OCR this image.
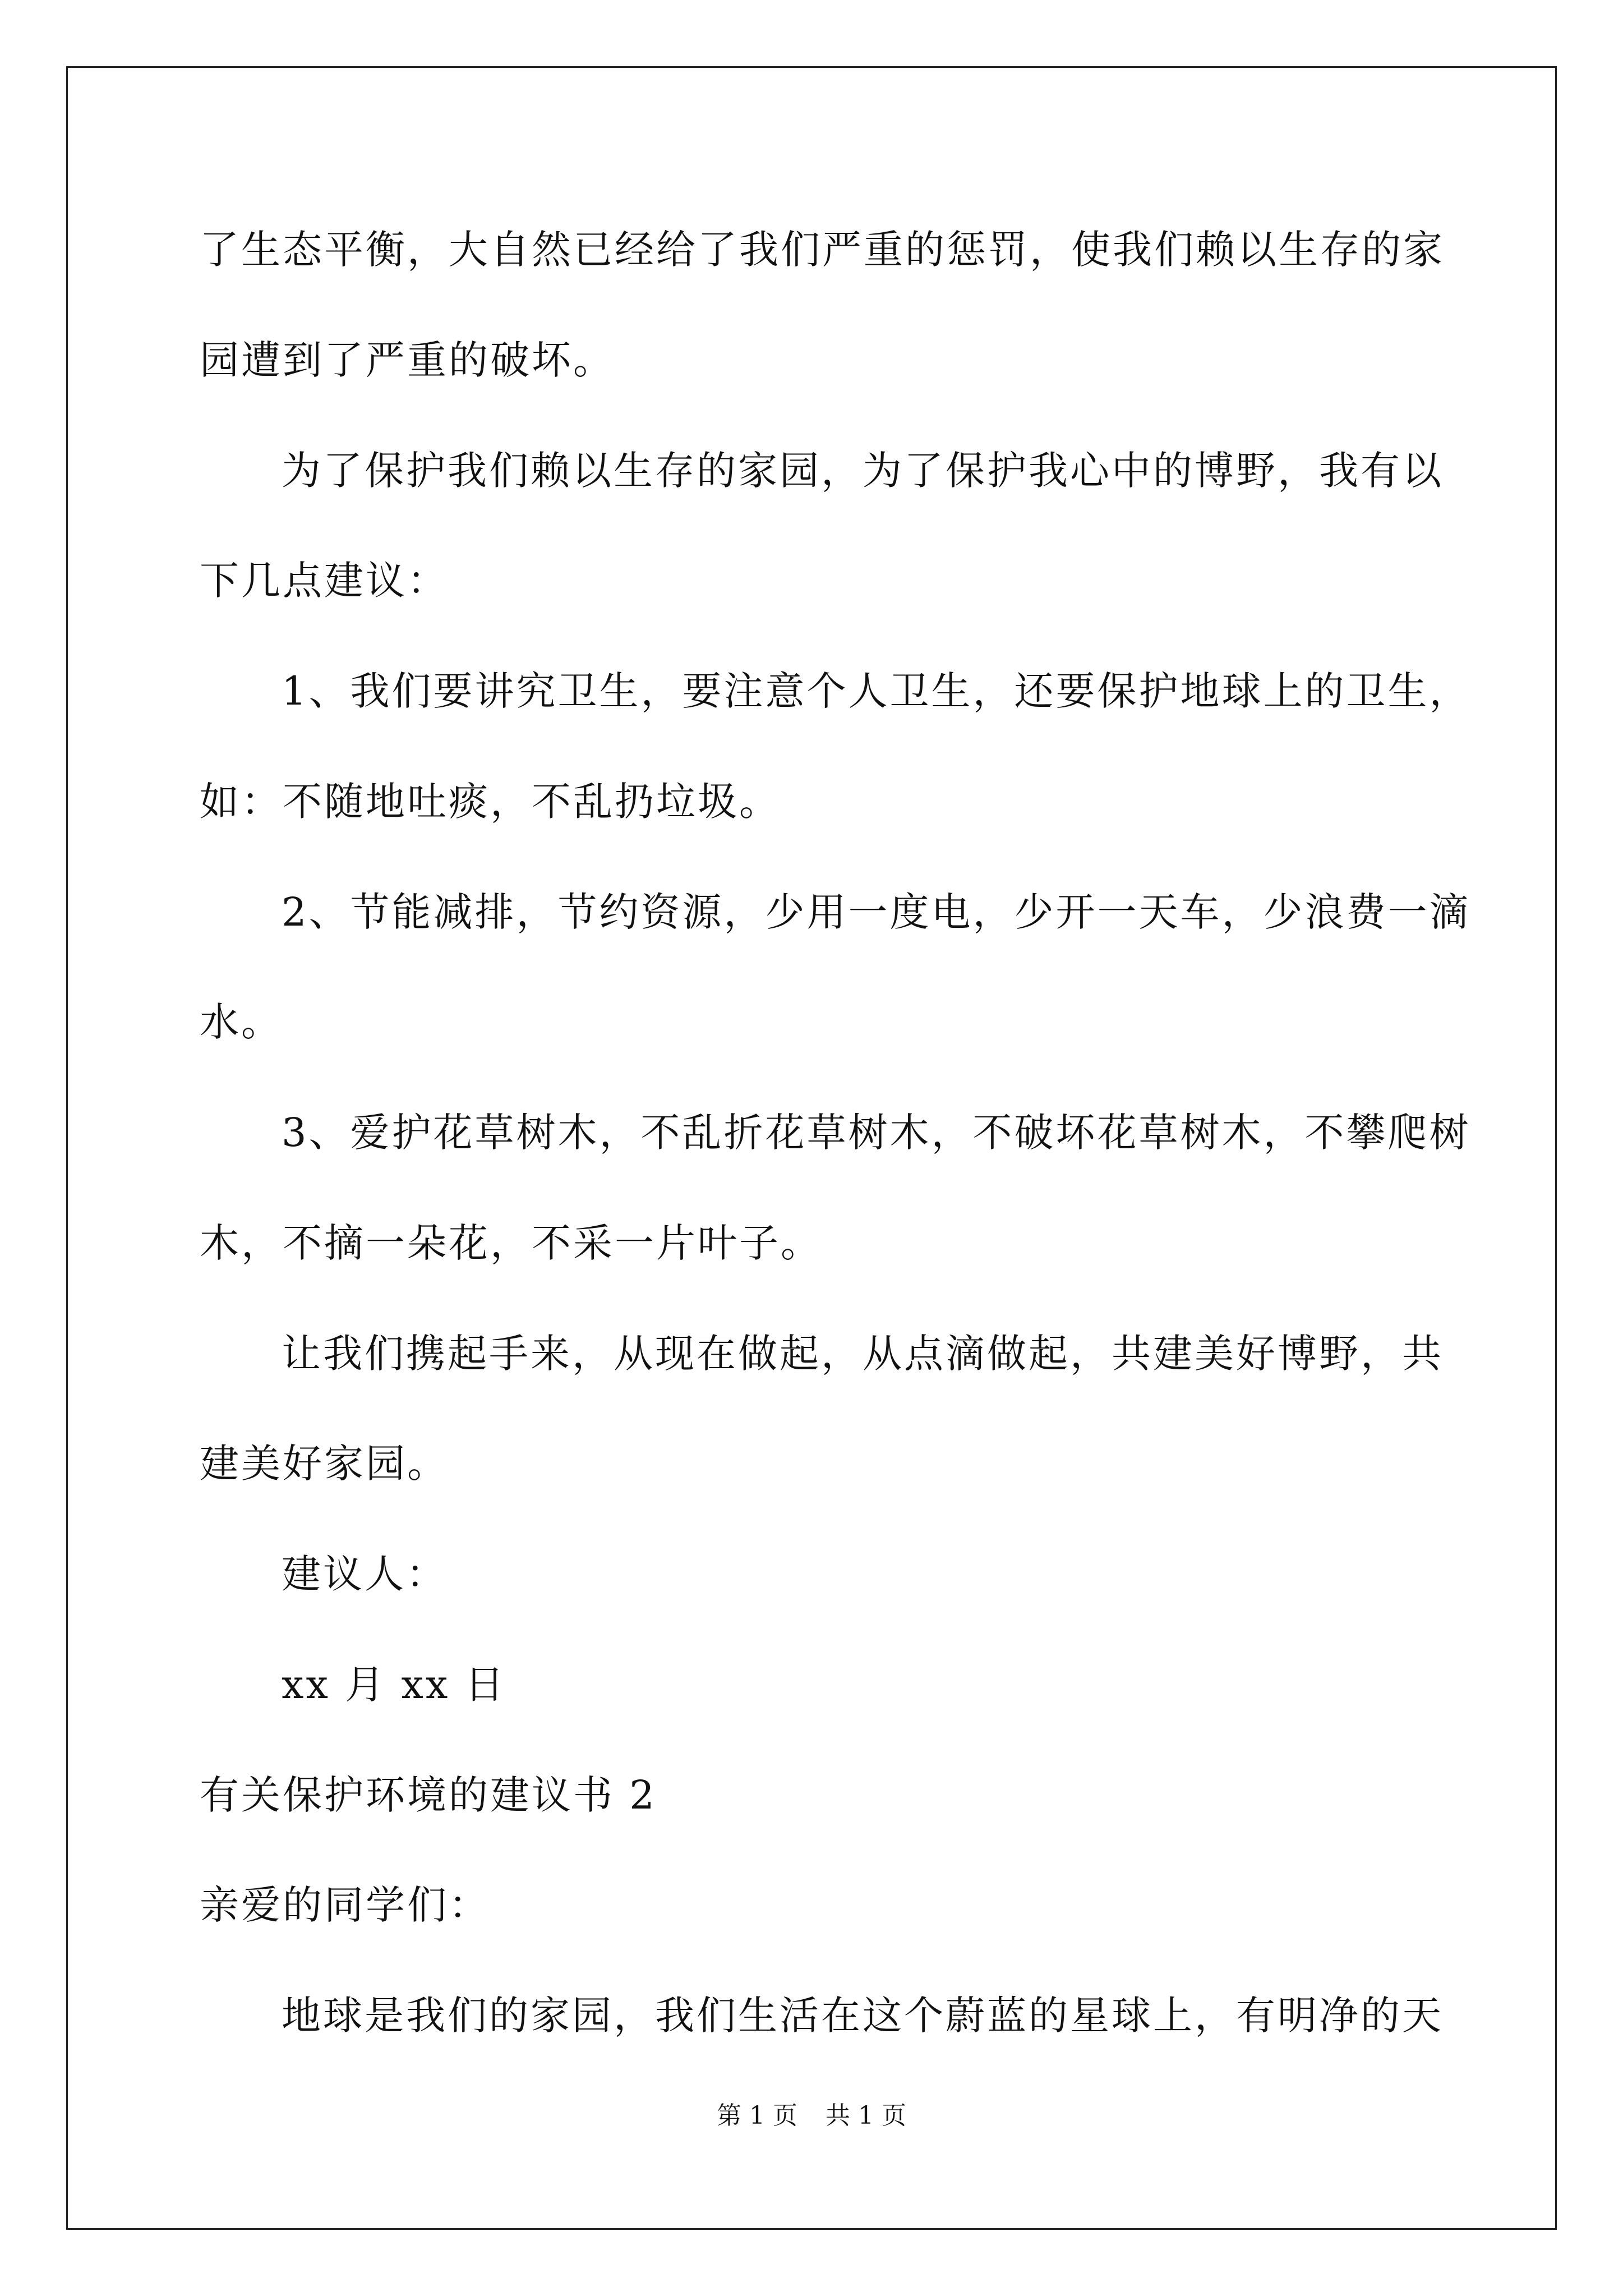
了生态平衡，大自然已经给了我们严重的惩罚，使我们赖以生存的家
园遭到了严重的破坏。
为了保护我们赖以生存的家园，为了保护我心中的博野，我有以
下几点建议：
1、我们要讲究卫生，要注意个人卫生，还要保护地球上的卫生，
如：不随地吐痰，不乱扔垃圾。
2、节能减排，节约资源，少用一度电，少开一天车，少浪费一滴
水。
3、爱护花草树木，不乱折花草树木，不破坏花草树木，不攀爬树
木，不摘一朵花，不采一片叶子。
让我们携起手来，从现在做起，从点滴做起，共建美好博野，共
建美好家园。
建议人：
xx 月 xx 日
有关保护环境的建议书 2
亲爱的同学们：
地球是我们的家园，我们生活在这个蔚蓝的星球上，有明净的天
第 1 页 共 1 页
